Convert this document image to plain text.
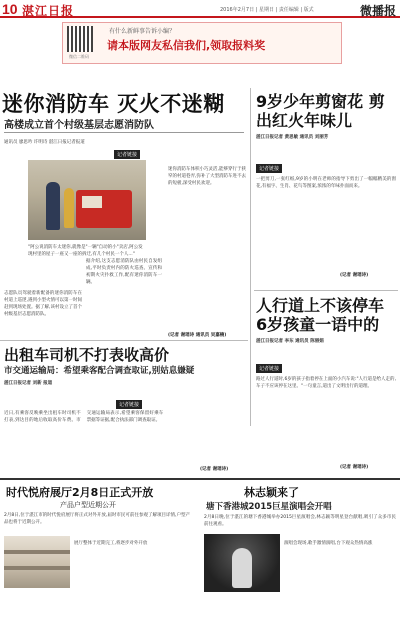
10 湛江日报	2016年2月7日 | 星期日 | 责任编辑 | 版式	微播报
微信二维码
有什么新鲜事告诉小编？
请本版网友私信我们,领取报料奖
迷你消防车 灭火不迷糊
高楼成立首个村级基层志愿消防队
通讯员 廖思吟 许明诗 湛江日报记者报道
记者链接
"阿公说消防车太迷你,就像是"一辆"自动的小"卖店,阿公发现村里的屋子一座又一座的拆迁,有几个村民一个人..."
志愿队员驾驶着新配备的迷你消防车在村道上巡逻,遇到小型火情可以第一时间赶到现场处置。据了解,该村设立了首个村级基层志愿消防队。
据介绍,这支志愿消防队由村民自发组成,平时负责村内的防火巡查、宣传和初期火灾扑救工作,配有迷你消防车一辆。
迷你消防车体积小巧灵活,能够穿行于狭窄的村道巷弄,弥补了大型消防车进不去的短板,深受村民欢迎。
(记者 谢瑶诗 通讯员 吴嘉楠)
9岁少年剪窗花 剪出红火年味儿
湛江日报记者 黄思敏 通讯员 刘丽芳
记者链接
一把剪刀,一张红纸,9岁的小明在老师的指导下剪出了一幅幅精美的窗花,有福字、生肖、花鸟等图案,浓浓的年味扑面而来。
(记者 谢瑶诗)
人行道上不该停车 6岁孩童一语中的
湛江日报记者 李东 通讯员 陈丽娟
记者链接
路过人行道时,6岁的孩子指着停在上面的小汽车说:"人行道是给人走的,车子不应该停在这里。"一句童言,道出了文明出行的道理。
(记者 谢瑶诗)
出租车司机不打表收高价
市交通运输局：希望乘客配合调查取证,别姑息嫌疑
湛江日报记者 刘新 报道
记者链接
近日,有乘客反映乘坐出租车时司机不打表,到达目的地后收取高价车费。市交通运输局表示,希望乘客保留好乘车票据等证据,配合执法部门调查取证。
(记者 谢瑶诗)
时代悦府展厅2月8日正式开放
产品户型近期公开
2月8日,位于湛江市的时代悦府展厅将正式对外开放,届时市民可前往参观了解项目详情,户型产品也将于近期公开。
展厅整体于近期完工,将逐步对外开放
林志颖来了
塘下香港城2015巨星演唱会开唱
2月8日晚,位于湛江的塘下香港城举办2015巨星演唱会,林志颖等明星登台献唱,吸引了众多市民前往观看。
演唱会现场,歌手激情演唱,台下观众热情高涨
